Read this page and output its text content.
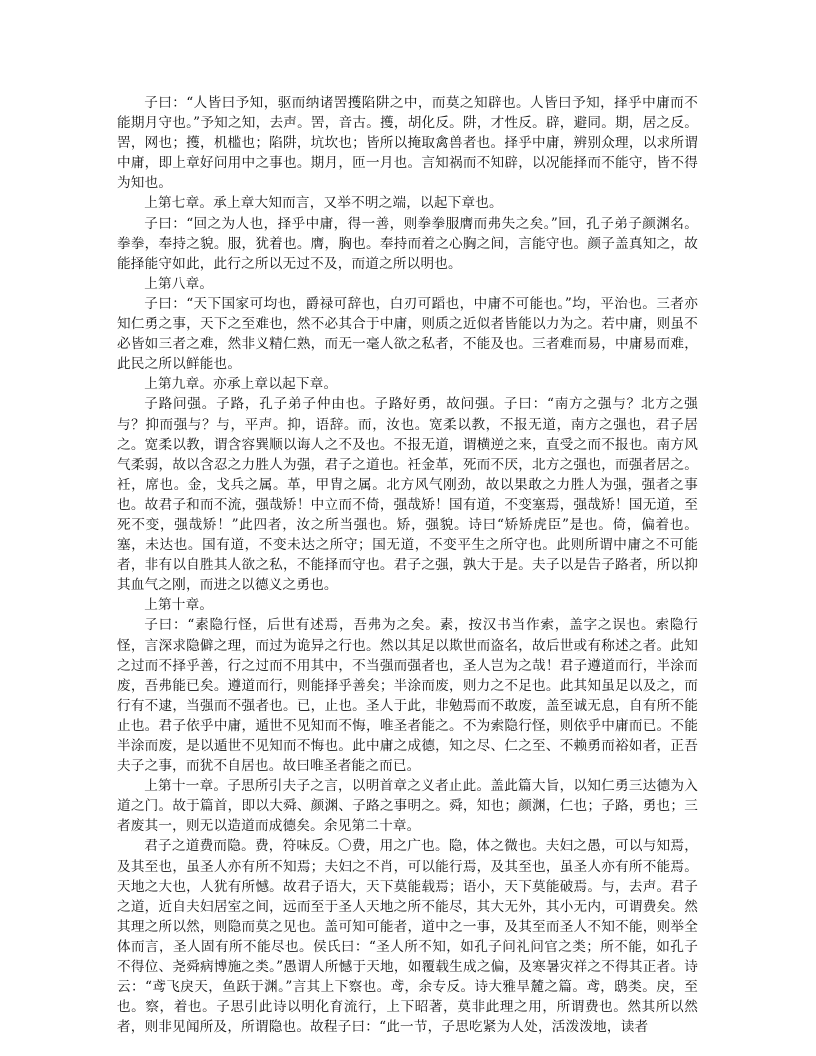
子曰：“人皆曰予知，驱而纳诸罟擭陷阱之中，而莫之知辟也。人皆曰予知，择乎中庸而不能期月守也。”予知之知，去声。罟，音古。擭，胡化反。阱，才性反。辟，避同。期，居之反。罟，网也；擭，机槛也；陷阱，坑坎也；皆所以掩取禽兽者也。择乎中庸，辨别众理，以求所谓中庸，即上章好问用中之事也。期月，匝一月也。言知祸而不知辟，以况能择而不能守，皆不得为知也。

上第七章。承上章大知而言，又举不明之端，以起下章也。

子曰：“回之为人也，择乎中庸，得一善，则拳拳服膺而弗失之矣。”回，孔子弟子颜渊名。拳拳，奉持之貌。服，犹着也。膺，胸也。奉持而着之心胸之间，言能守也。颜子盖真知之，故能择能守如此，此行之所以无过不及，而道之所以明也。

上第八章。

子曰：“天下国家可均也，爵禄可辞也，白刃可蹈也，中庸不可能也。”均，平治也。三者亦知仁勇之事，天下之至难也，然不必其合于中庸，则质之近似者皆能以力为之。若中庸，则虽不必皆如三者之难，然非义精仁熟，而无一毫人欲之私者，不能及也。三者难而易，中庸易而难，此民之所以鲜能也。

上第九章。亦承上章以起下章。

子路问强。子路，孔子弟子仲由也。子路好勇，故问强。子曰：“南方之强与？北方之强与？抑而强与？与，平声。抑，语辞。而，汝也。宽柔以教，不报无道，南方之强也，君子居之。宽柔以教，谓含容巽顺以诲人之不及也。不报无道，谓横逆之来，直受之而不报也。南方风气柔弱，故以含忍之力胜人为强，君子之道也。衽金革，死而不厌，北方之强也，而强者居之。衽，席也。金，戈兵之属。革，甲胄之属。北方风气刚劲，故以果敢之力胜人为强，强者之事也。故君子和而不流，强哉矫！中立而不倚，强哉矫！国有道，不变塞焉，强哉矫！国无道，至死不变，强哉矫！”此四者，汝之所当强也。矫，强貌。诗曰“矫矫虎臣”是也。倚，偏着也。塞，未达也。国有道，不变未达之所守；国无道，不变平生之所守也。此则所谓中庸之不可能者，非有以自胜其人欲之私，不能择而守也。君子之强，孰大于是。夫子以是告子路者，所以抑其血气之刚，而进之以德义之勇也。

上第十章。

子曰：“素隐行怪，后世有述焉，吾弗为之矣。素，按汉书当作索，盖字之误也。索隐行怪，言深求隐僻之理，而过为诡异之行也。然以其足以欺世而盗名，故后世或有称述之者。此知之过而不择乎善，行之过而不用其中，不当强而强者也，圣人岂为之哉！君子遵道而行，半涂而废，吾弗能已矣。遵道而行，则能择乎善矣；半涂而废，则力之不足也。此其知虽足以及之，而行有不逮，当强而不强者也。已，止也。圣人于此，非勉焉而不敢废，盖至诚无息，自有所不能止也。君子依乎中庸，遁世不见知而不悔，唯圣者能之。不为索隐行怪，则依乎中庸而已。不能半涂而废，是以遁世不见知而不悔也。此中庸之成德，知之尽、仁之至、不赖勇而裕如者，正吾夫子之事，而犹不自居也。故曰唯圣者能之而已。

上第十一章。子思所引夫子之言，以明首章之义者止此。盖此篇大旨，以知仁勇三达德为入道之门。故于篇首，即以大舜、颜渊、子路之事明之。舜，知也；颜渊，仁也；子路，勇也；三者废其一，则无以造道而成德矣。余见第二十章。

君子之道费而隐。费，符味反。〇费，用之广也。隐，体之微也。夫妇之愚，可以与知焉，及其至也，虽圣人亦有所不知焉；夫妇之不肖，可以能行焉，及其至也，虽圣人亦有所不能焉。天地之大也，人犹有所憾。故君子语大，天下莫能载焉；语小，天下莫能破焉。与，去声。君子之道，近自夫妇居室之间，远而至于圣人天地之所不能尽，其大无外，其小无内，可谓费矣。然其理之所以然，则隐而莫之见也。盖可知可能者，道中之一事，及其至而圣人不知不能，则举全体而言，圣人固有所不能尽也。侯氏曰：“圣人所不知，如孔子问礼问官之类；所不能，如孔子不得位、尧舜病博施之类。”愚谓人所憾于天地，如覆载生成之偏，及寒暑灾祥之不得其正者。诗云：“鸢飞戾天，鱼跃于渊。”言其上下察也。鸢，余专反。诗大雅旱麓之篇。鸢，鸱类。戾，至也。察，着也。子思引此诗以明化育流行，上下昭著，莫非此理之用，所谓费也。然其所以然者，则非见闻所及，所谓隐也。故程子曰：“此一节，子思吃紧为人处，活泼泼地，读者
